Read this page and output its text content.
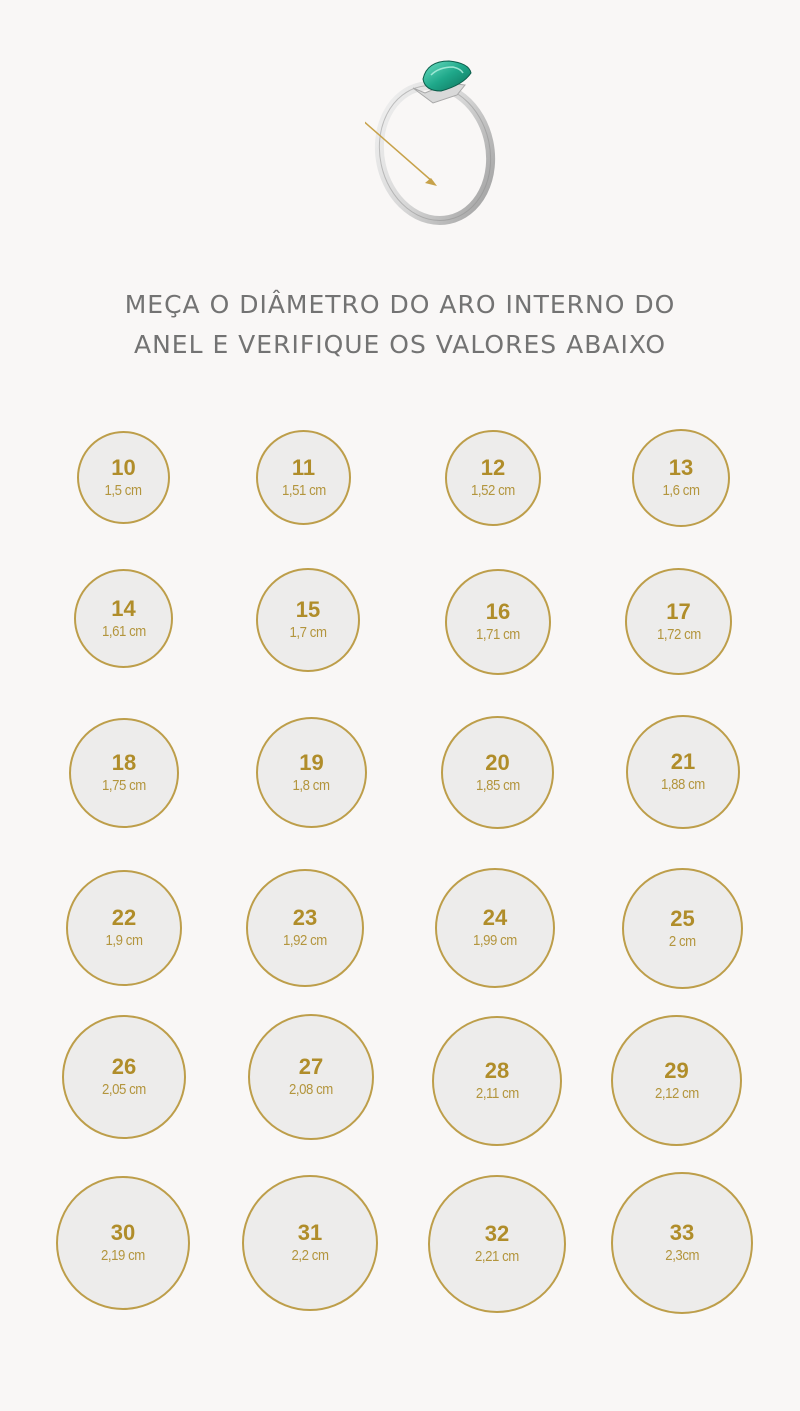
MEÇA O DIÂMETRO DO ARO INTERNO DO
ANEL E VERIFIQUE OS VALORES ABAIXO
10
1,5 cm
11
1,51 cm
12
1,52 cm
13
1,6 cm
14
1,61 cm
15
1,7 cm
16
1,71 cm
17
1,72 cm
18
1,75 cm
19
1,8 cm
20
1,85 cm
21
1,88 cm
22
1,9 cm
23
1,92 cm
24
1,99 cm
25
2 cm
26
2,05 cm
27
2,08 cm
28
2,11 cm
29
2,12 cm
30
2,19 cm
31
2,2 cm
32
2,21 cm
33
2,3cm
